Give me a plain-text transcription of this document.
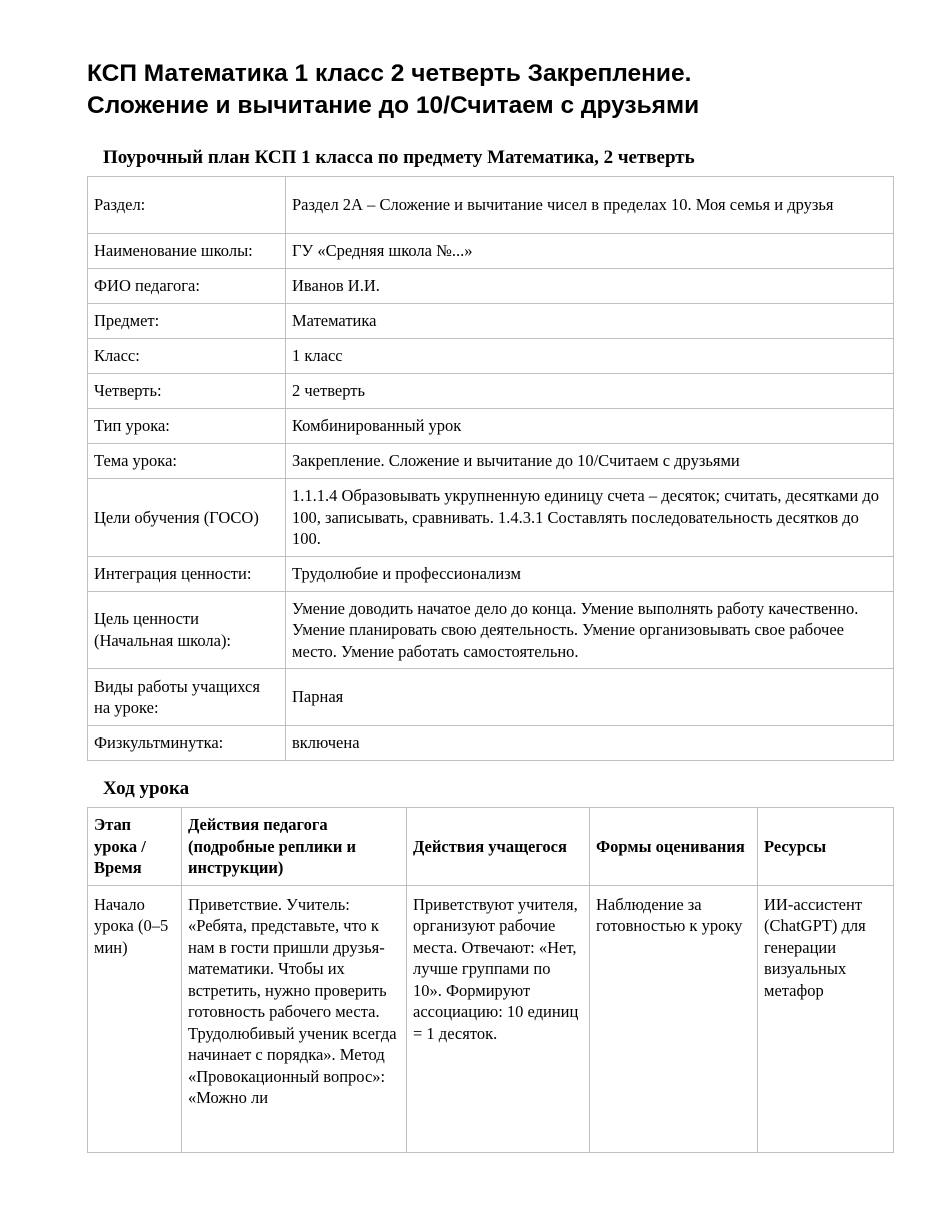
КСП Математика 1 класс 2 четверть Закрепление.
Сложение и вычитание до 10/Считаем с друзьями
Поурочный план КСП 1 класса по предмету Математика, 2 четверть
Раздел:	Раздел 2А – Сложение и вычитание чисел в пределах 10. Моя семья и друзья
Наименование школы:	ГУ «Средняя школа №...»
ФИО педагога:	Иванов И.И.
Предмет:	Математика
Класс:	1 класс
Четверть:	2 четверть
Тип урока:	Комбинированный урок
Тема урока:	Закрепление. Сложение и вычитание до 10/Считаем с друзьями
Цели обучения (ГОСО)	1.1.1.4 Образовывать укрупненную единицу счета – десяток; считать, десятками до 100, записывать, сравнивать. 1.4.3.1 Составлять последовательность десятков до 100.
Интеграция ценности:	Трудолюбие и профессионализм
Цель ценности (Начальная школа):	Умение доводить начатое дело до конца. Умение выполнять работу качественно. Умение планировать свою деятельность. Умение организовывать свое рабочее место. Умение работать самостоятельно.
Виды работы учащихся на уроке:	Парная
Физкультминутка:	включена
Ход урока
Этап урока / Время	Действия педагога (подробные реплики и инструкции)	Действия учащегося	Формы оценивания	Ресурсы
Начало урока (0–5 мин)	Приветствие. Учитель: «Ребята, представьте, что к нам в гости пришли друзья-математики. Чтобы их встретить, нужно проверить готовность рабочего места. Трудолюбивый ученик всегда начинает с порядка». Метод «Провокационный вопрос»: «Можно ли	Приветствуют учителя, организуют рабочие места. Отвечают: «Нет, лучше группами по 10». Формируют ассоциацию: 10 единиц = 1 десяток.	Наблюдение за готовностью к уроку	ИИ-ассистент (ChatGPT) для генерации визуальных метафор
